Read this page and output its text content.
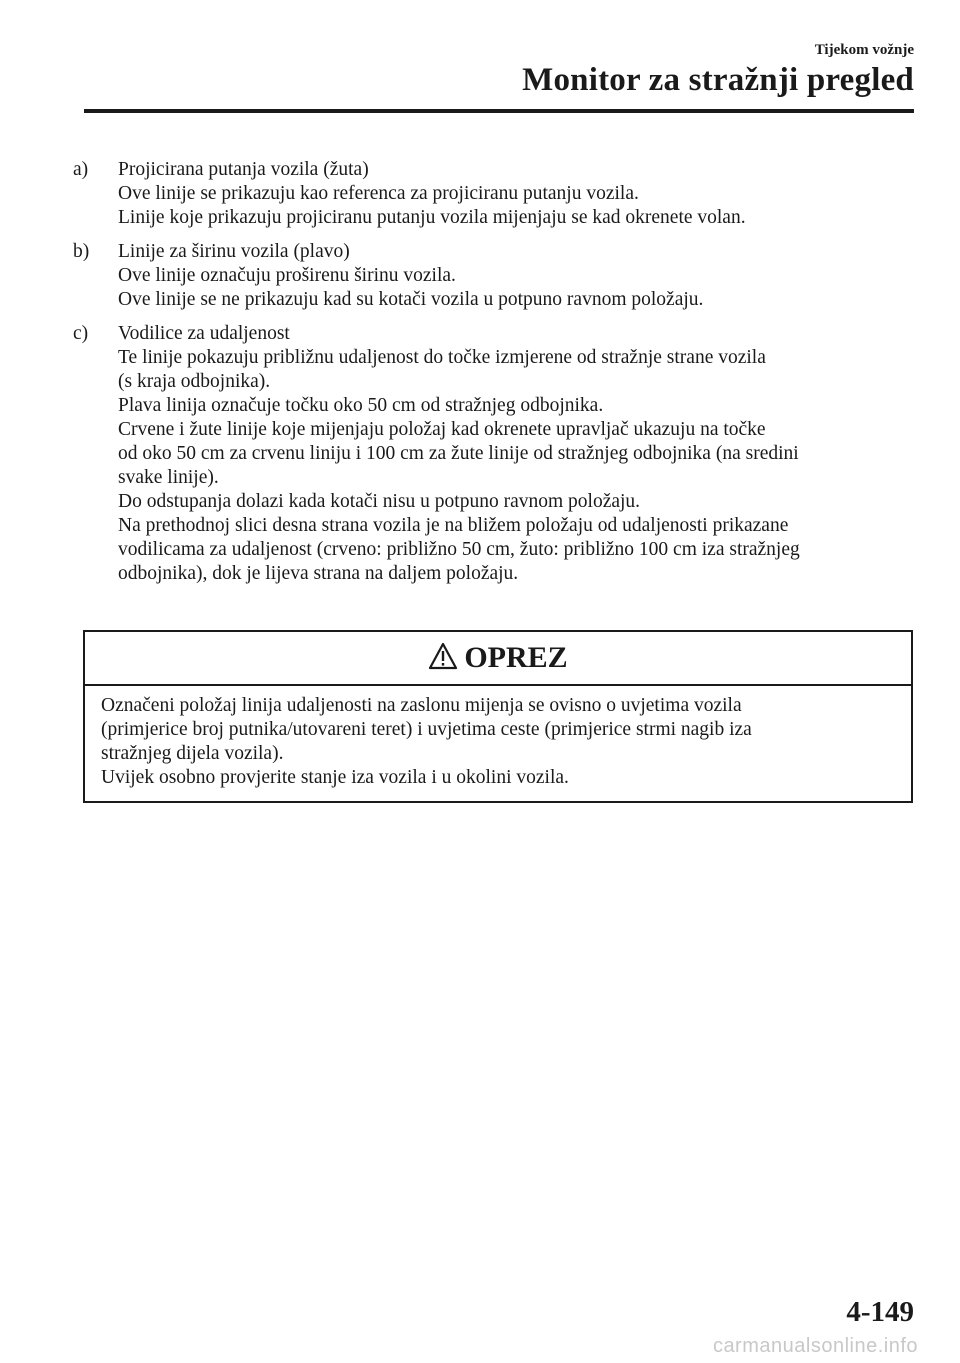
Tijekom vožnje
Monitor za stražnji pregled
a)	Projicirana putanja vozila (žuta)
Ove linije se prikazuju kao referenca za projiciranu putanju vozila.
Linije koje prikazuju projiciranu putanju vozila mijenjaju se kad okrenete volan.
b)	Linije za širinu vozila (plavo)
Ove linije označuju proširenu širinu vozila.
Ove linije se ne prikazuju kad su kotači vozila u potpuno ravnom položaju.
c)	Vodilice za udaljenost
Te linije pokazuju približnu udaljenost do točke izmjerene od stražnje strane vozila
(s kraja odbojnika).
Plava linija označuje točku oko 50 cm od stražnjeg odbojnika.
Crvene i žute linije koje mijenjaju položaj kad okrenete upravljač ukazuju na točke
od oko 50 cm za crvenu liniju i 100 cm za žute linije od stražnjeg odbojnika (na sredini
svake linije).
Do odstupanja dolazi kada kotači nisu u potpuno ravnom položaju.
Na prethodnoj slici desna strana vozila je na bližem položaju od udaljenosti prikazane
vodilicama za udaljenost (crveno: približno 50 cm, žuto: približno 100 cm iza stražnjeg
odbojnika), dok je lijeva strana na daljem položaju.
OPREZ
Označeni položaj linija udaljenosti na zaslonu mijenja se ovisno o uvjetima vozila
(primjerice broj putnika/utovareni teret) i uvjetima ceste (primjerice strmi nagib iza
stražnjeg dijela vozila).
Uvijek osobno provjerite stanje iza vozila i u okolini vozila.
4-149
carmanualsonline.info
